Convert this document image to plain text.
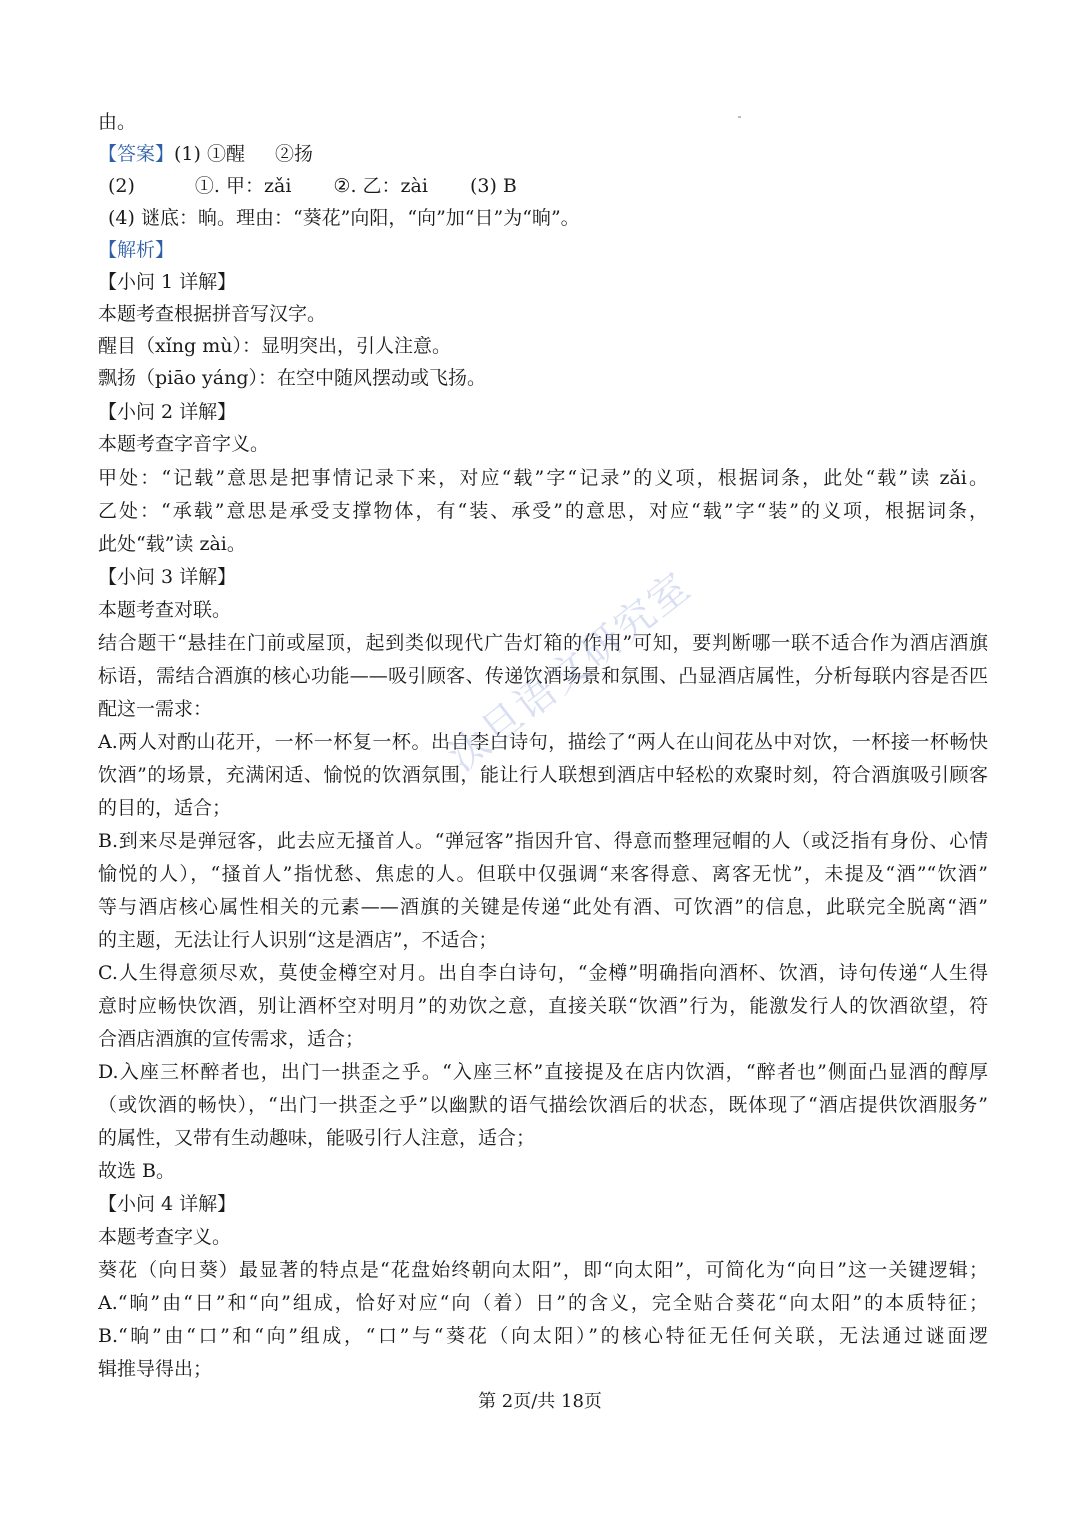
由。
【答案】(1) ①醒 ②扬
(2)	①. 甲：zǎi ②. 乙：zài (3) B
(4) 谜底：晌。理由：“葵花”向阳，“向”加“日”为“晌”。
【解析】
【小问 1 详解】
本题考查根据拼音写汉字。
醒目（xǐng mù）：显明突出，引人注意。
飘扬（piāo yáng）：在空中随风摆动或飞扬。
【小问 2 详解】
本题考查字音字义。
甲处：“记载”意思是把事情记录下来，对应“载”字“记录”的义项，根据词条，此处“载”读 zǎi。
乙处：“承载”意思是承受支撑物体，有“装、承受”的意思，对应“载”字“装”的义项，根据词条，
此处“载”读 zài。
【小问 3 详解】
本题考查对联。
结合题干“悬挂在门前或屋顶，起到类似现代广告灯箱的作用”可知，要判断哪一联不适合作为酒店酒旗
标语，需结合酒旗的核心功能——吸引顾客、传递饮酒场景和氛围、凸显酒店属性，分析每联内容是否匹
配这一需求：
A.两人对酌山花开，一杯一杯复一杯。出自李白诗句，描绘了“两人在山间花丛中对饮，一杯接一杯畅快
饮酒”的场景，充满闲适、愉悦的饮酒氛围，能让行人联想到酒店中轻松的欢聚时刻，符合酒旗吸引顾客
的目的，适合；
B.到来尽是弹冠客，此去应无搔首人。“弹冠客”指因升官、得意而整理冠帽的人（或泛指有身份、心情
愉悦的人），“搔首人”指忧愁、焦虑的人。但联中仅强调“来客得意、离客无忧”，未提及“酒”“饮酒”
等与酒店核心属性相关的元素——酒旗的关键是传递“此处有酒、可饮酒”的信息，此联完全脱离“酒”
的主题，无法让行人识别“这是酒店”，不适合；
C.人生得意须尽欢，莫使金樽空对月。出自李白诗句，“金樽”明确指向酒杯、饮酒，诗句传递“人生得
意时应畅快饮酒，别让酒杯空对明月”的劝饮之意，直接关联“饮酒”行为，能激发行人的饮酒欲望，符
合酒店酒旗的宣传需求，适合；
D.入座三杯醉者也，出门一拱歪之乎。“入座三杯”直接提及在店内饮酒，“醉者也”侧面凸显酒的醇厚
（或饮酒的畅快），“出门一拱歪之乎”以幽默的语气描绘饮酒后的状态，既体现了“酒店提供饮酒服务”
的属性，又带有生动趣味，能吸引行人注意，适合；
故选 B。
【小问 4 详解】
本题考查字义。
葵花（向日葵）最显著的特点是“花盘始终朝向太阳”，即“向太阳”，可简化为“向日”这一关键逻辑；
A.“晌”由“日”和“向”组成，恰好对应“向（着）日”的含义，完全贴合葵花“向太阳”的本质特征；
B.“晌”由“口”和“向”组成，“口”与“葵花（向太阳）”的核心特征无任何关联，无法通过谜面逻
辑推导得出；
第 2页/共 18页
汰旦语文研究室
